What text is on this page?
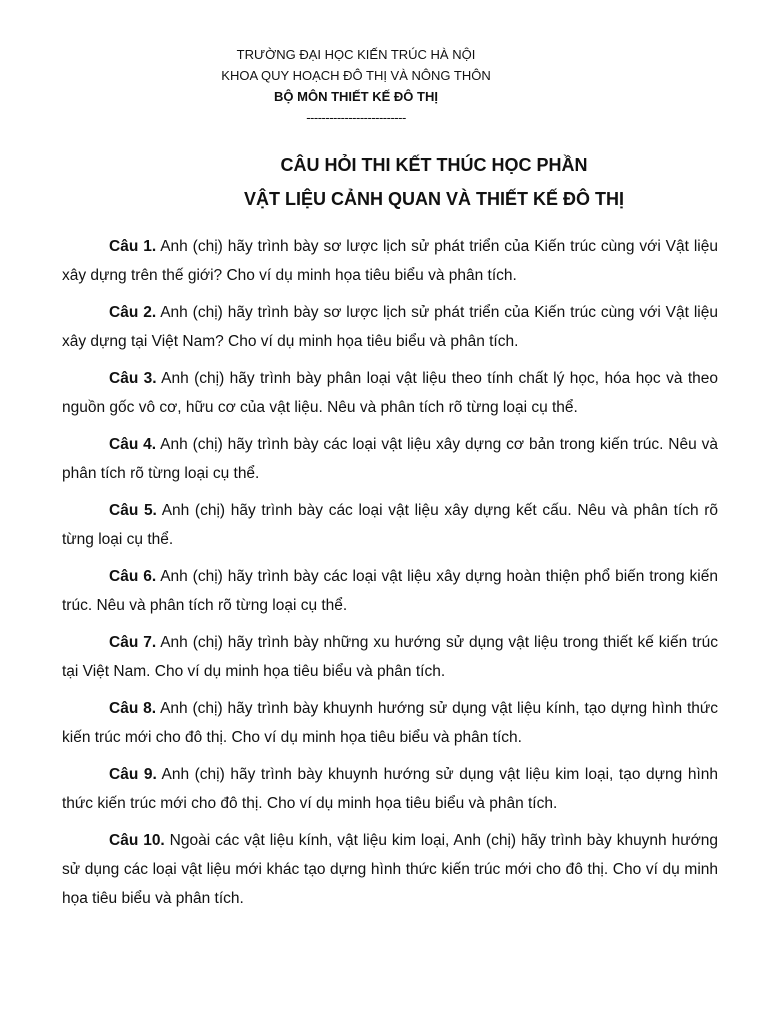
TRƯỜNG ĐẠI HỌC KIẾN TRÚC HÀ NỘI
KHOA QUY HOẠCH ĐÔ THỊ VÀ NÔNG THÔN
BỘ MÔN THIẾT KẾ ĐÔ THỊ
--------------------------
CÂU HỎI THI KẾT THÚC HỌC PHẦN
VẬT LIỆU CẢNH QUAN VÀ THIẾT KẾ ĐÔ THỊ

Câu 1. Anh (chị) hãy trình bày sơ lược lịch sử phát triển của Kiến trúc cùng với Vật liệu xây dựng trên thế giới? Cho ví dụ minh họa tiêu biểu và phân tích.

Câu 2. Anh (chị) hãy trình bày sơ lược lịch sử phát triển của Kiến trúc cùng với Vật liệu xây dựng tại Việt Nam? Cho ví dụ minh họa tiêu biểu và phân tích.

Câu 3. Anh (chị) hãy trình bày phân loại vật liệu theo tính chất lý học, hóa học và theo nguồn gốc vô cơ, hữu cơ của vật liệu. Nêu và phân tích rõ từng loại cụ thể.

Câu 4. Anh (chị) hãy trình bày các loại vật liệu xây dựng cơ bản trong kiến trúc. Nêu và phân tích rõ từng loại cụ thể.

Câu 5. Anh (chị) hãy trình bày các loại vật liệu xây dựng kết cấu. Nêu và phân tích rõ từng loại cụ thể.

Câu 6. Anh (chị) hãy trình bày các loại vật liệu xây dựng hoàn thiện phổ biến trong kiến trúc. Nêu và phân tích rõ từng loại cụ thể.

Câu 7. Anh (chị) hãy trình bày những xu hướng sử dụng vật liệu trong thiết kế kiến trúc tại Việt Nam. Cho ví dụ minh họa tiêu biểu và phân tích.

Câu 8. Anh (chị) hãy trình bày khuynh hướng sử dụng vật liệu kính, tạo dựng hình thức kiến trúc mới cho đô thị. Cho ví dụ minh họa tiêu biểu và phân tích.

Câu 9. Anh (chị) hãy trình bày khuynh hướng sử dụng vật liệu kim loại, tạo dựng hình thức kiến trúc mới cho đô thị. Cho ví dụ minh họa tiêu biểu và phân tích.

Câu 10. Ngoài các vật liệu kính, vật liệu kim loại, Anh (chị) hãy trình bày khuynh hướng sử dụng các loại vật liệu mới khác tạo dựng hình thức kiến trúc mới cho đô thị. Cho ví dụ minh họa tiêu biểu và phân tích.
